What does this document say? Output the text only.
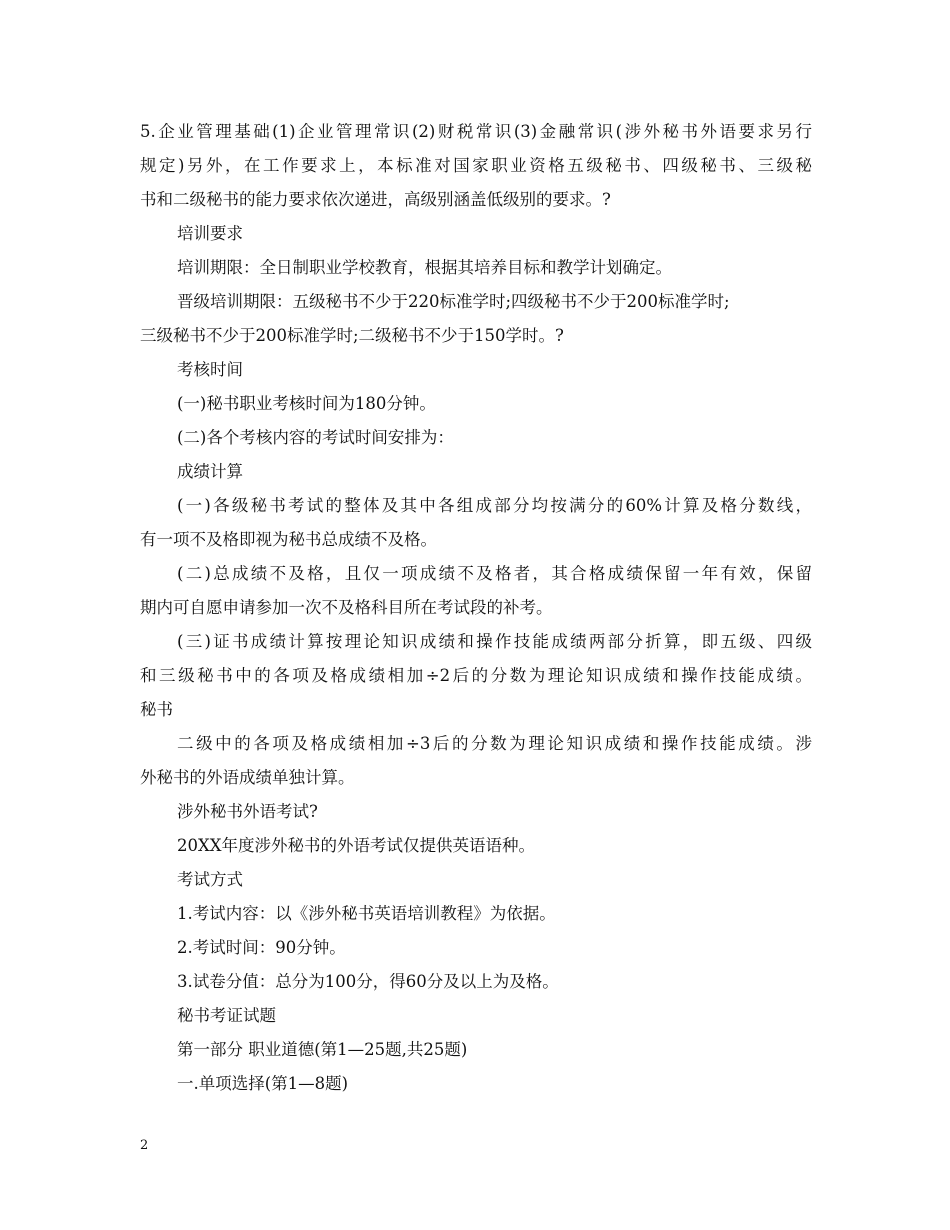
5.企业管理基础(1)企业管理常识(2)财税常识(3)金融常识(涉外秘书外语要求另行
规定)另外，在工作要求上，本标准对国家职业资格五级秘书、四级秘书、三级秘
书和二级秘书的能力要求依次递进，高级别涵盖低级别的要求。?
培训要求
培训期限：全日制职业学校教育，根据其培养目标和教学计划确定。
晋级培训期限：五级秘书不少于220标准学时;四级秘书不少于200标准学时;
三级秘书不少于200标准学时;二级秘书不少于150学时。?
考核时间
(一)秘书职业考核时间为180分钟。
(二)各个考核内容的考试时间安排为：
成绩计算
(一)各级秘书考试的整体及其中各组成部分均按满分的60%计算及格分数线，
有一项不及格即视为秘书总成绩不及格。
(二)总成绩不及格，且仅一项成绩不及格者，其合格成绩保留一年有效，保留
期内可自愿申请参加一次不及格科目所在考试段的补考。
(三)证书成绩计算按理论知识成绩和操作技能成绩两部分折算，即五级、四级
和三级秘书中的各项及格成绩相加÷2后的分数为理论知识成绩和操作技能成绩。
秘书
二级中的各项及格成绩相加÷3后的分数为理论知识成绩和操作技能成绩。涉
外秘书的外语成绩单独计算。
涉外秘书外语考试?
20XX年度涉外秘书的外语考试仅提供英语语种。
考试方式
1.考试内容：以《涉外秘书英语培训教程》为依据。
2.考试时间：90分钟。
3.试卷分值：总分为100分，得60分及以上为及格。
秘书考证试题
第一部分 职业道德(第1—25题,共25题)
一.单项选择(第1—8题)
2
